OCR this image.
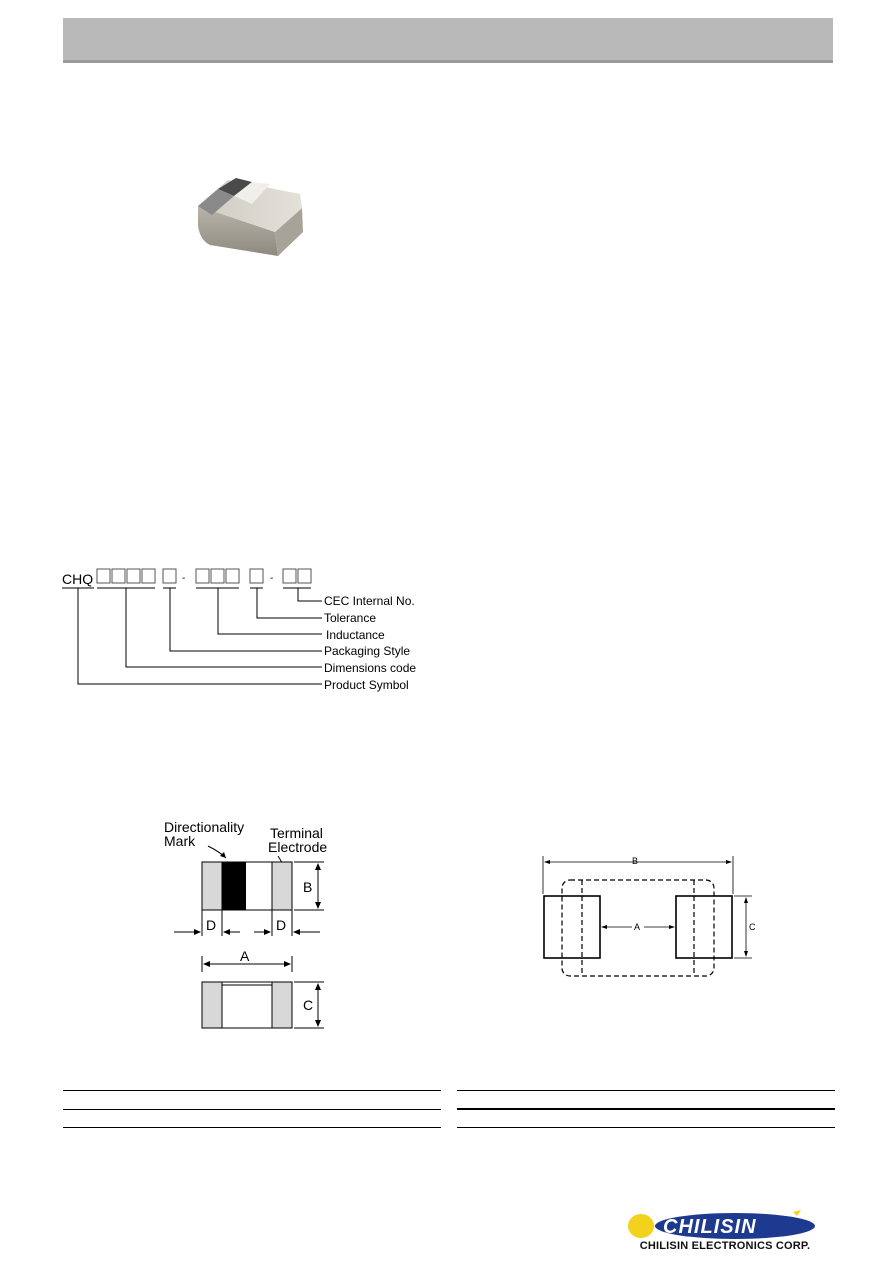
CHQ	-	-
CEC Internal No.
Tolerance
Inductance
Packaging Style
Dimensions code
Product Symbol
Directionality
Mark	Terminal
Electrode
B
D	D
A
C
B
A	C
CHILISIN
CHILISIN ELECTRONICS CORP.
